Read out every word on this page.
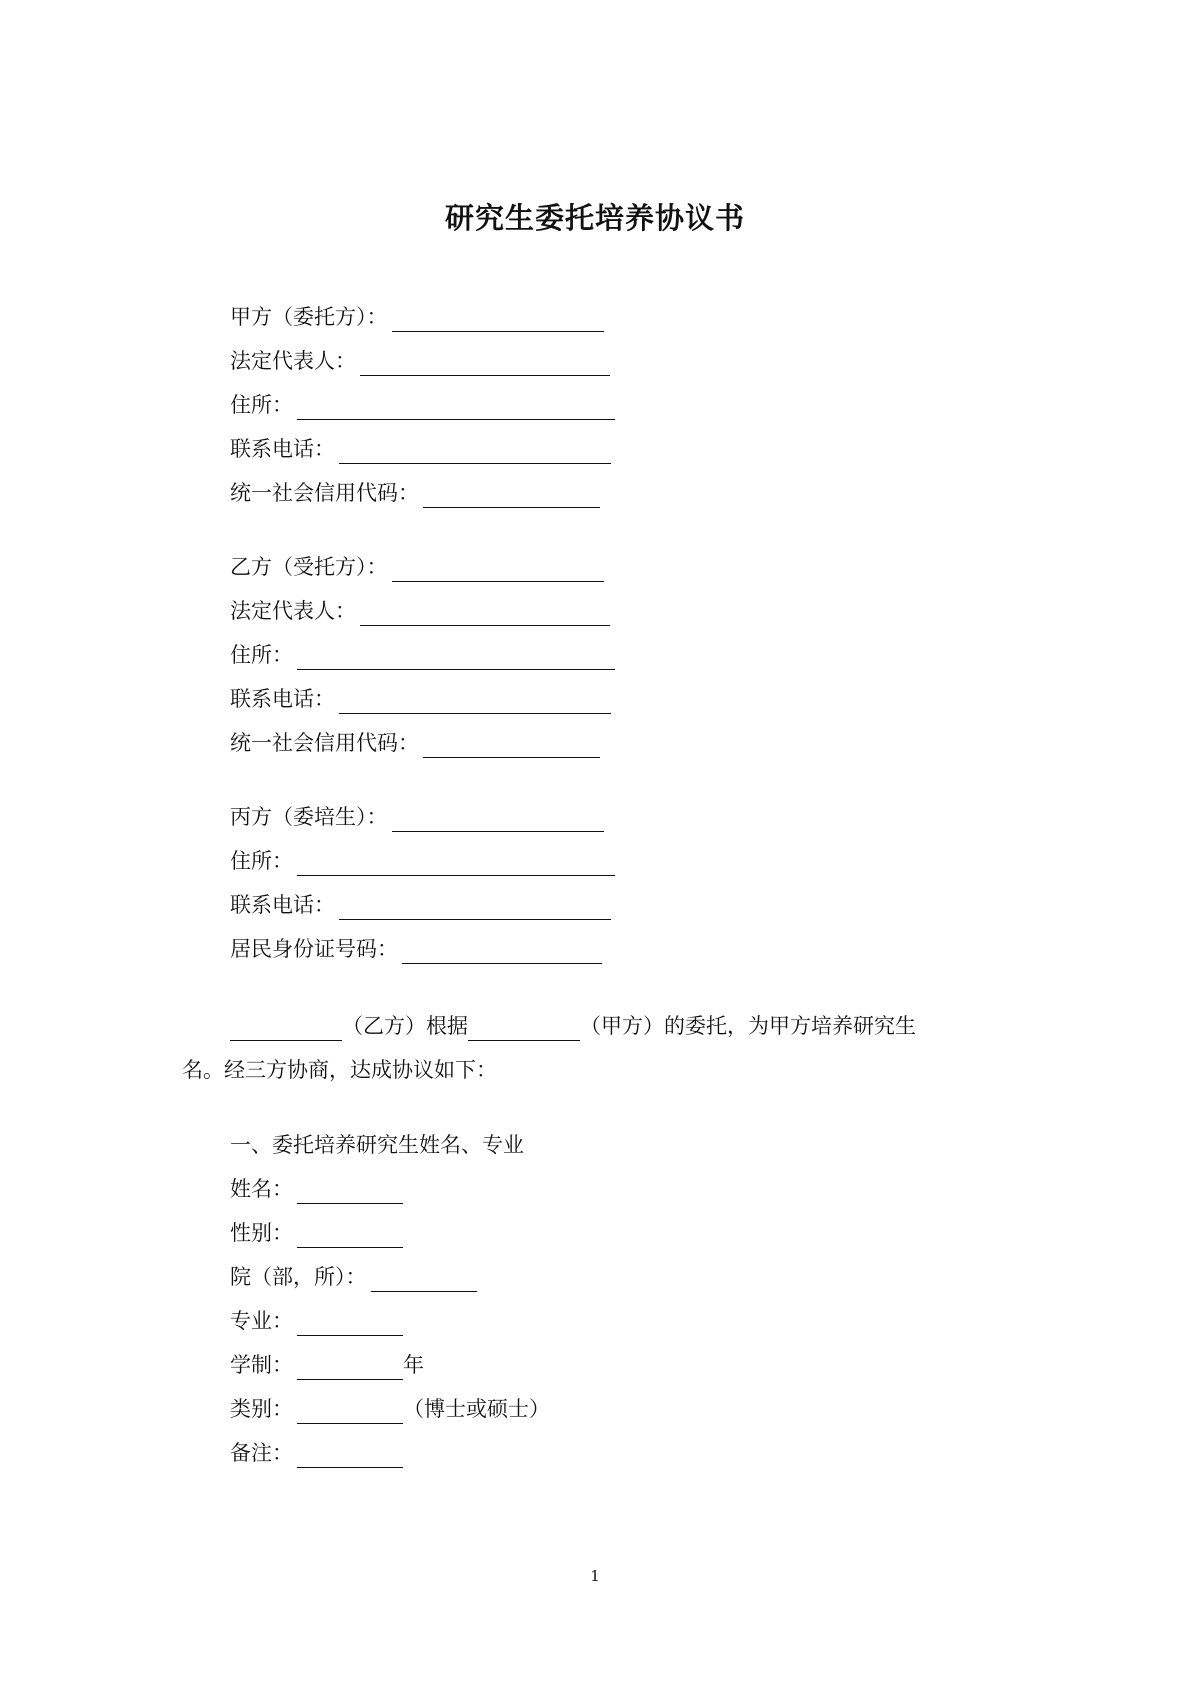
研究生委托培养协议书
甲方（委托方）：
法定代表人：
住所：
联系电话：
统一社会信用代码：
乙方（受托方）：
法定代表人：
住所：
联系电话：
统一社会信用代码：
丙方（委培生）：
住所：
联系电话：
居民身份证号码：
（乙方）根据	（甲方）的委托，为甲方培养研究生
名。经三方协商，达成协议如下：
一、委托培养研究生姓名、专业
姓名：
性别：
院（部，所）：
专业：
学制：	年
类别：	（博士或硕士）
备注：
1
